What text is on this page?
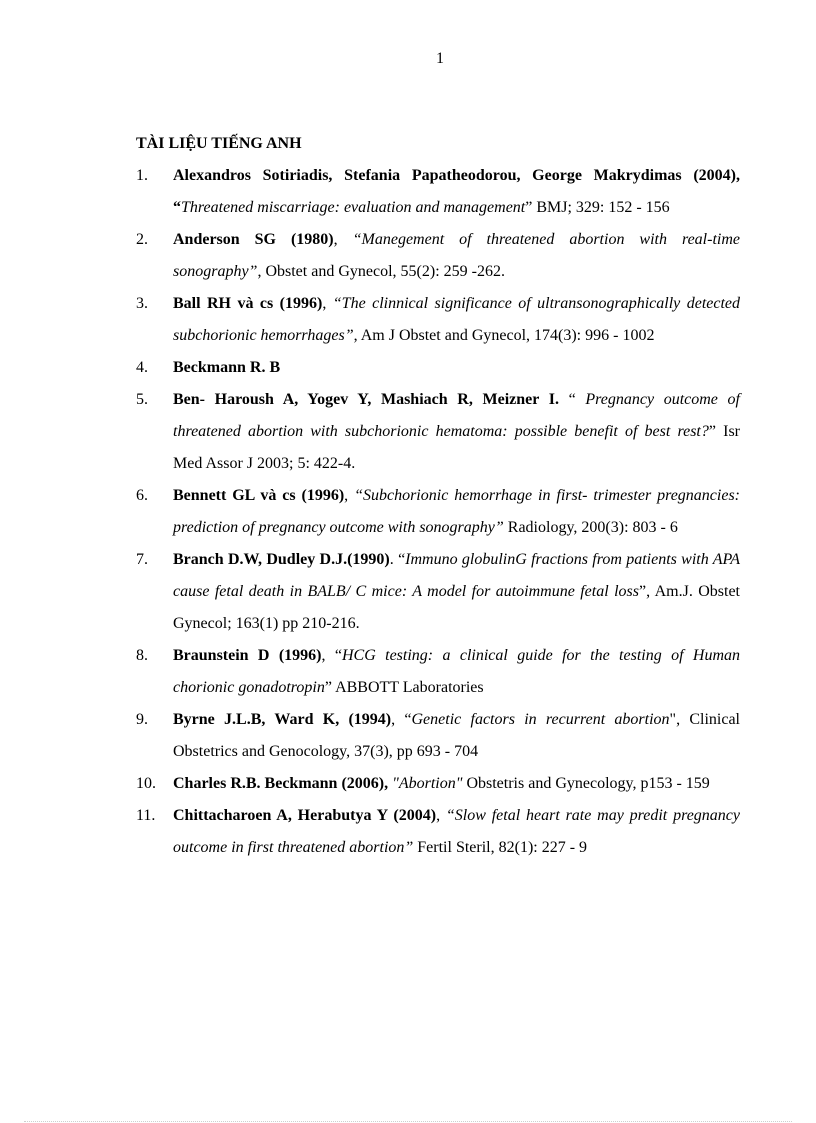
1
TÀI LIỆU TIẾNG ANH
1.	Alexandros Sotiriadis, Stefania Papatheodorou, George Makrydimas (2004), “Threatened miscarriage: evaluation and management” BMJ; 329: 152 - 156
2.	Anderson SG (1980), “Manegement of threatened abortion with real-time sonography”, Obstet and Gynecol, 55(2): 259 -262.
3.	Ball RH và cs (1996), “The clinnical significance of ultransonographically detected subchorionic hemorrhages”, Am J Obstet and Gynecol, 174(3): 996 - 1002
4.	Beckmann R. B
5.	Ben- Haroush A, Yogev Y, Mashiach R, Meizner I. “ Pregnancy outcome of threatened abortion with subchorionic hematoma: possible benefit of best rest?” Isr Med Assor J 2003; 5: 422-4.
6.	Bennett GL và cs (1996), “Subchorionic hemorrhage in first- trimester pregnancies: prediction of pregnancy outcome with sonography” Radiology, 200(3): 803 - 6
7.	Branch D.W, Dudley D.J.(1990). “Immuno globulinG fractions from patients with APA cause fetal death in BALB/ C mice: A model for autoimmune fetal loss”, Am.J. Obstet Gynecol; 163(1) pp 210-216.
8.	Braunstein D (1996), “HCG testing: a clinical guide for the testing of Human chorionic gonadotropin” ABBOTT Laboratories
9.	Byrne J.L.B, Ward K, (1994), “Genetic factors in recurrent abortion", Clinical Obstetrics and Genocology, 37(3), pp 693 - 704
10.	Charles R.B. Beckmann (2006), "Abortion" Obstetris and Gynecology, p153 - 159
11.	Chittacharoen A, Herabutya Y (2004), “Slow fetal heart rate may predit pregnancy outcome in first threatened abortion” Fertil Steril, 82(1): 227 - 9
